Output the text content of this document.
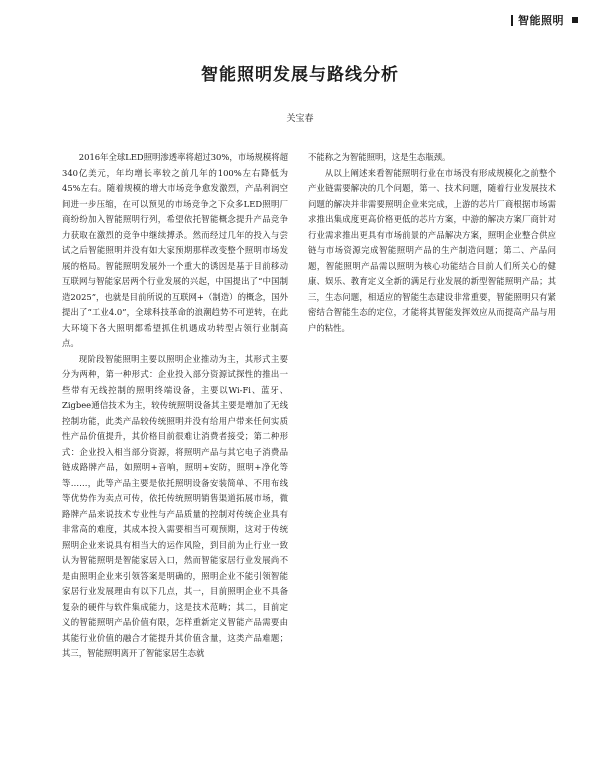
智能照明
智能照明发展与路线分析
关宝春

2016年全球LED照明渗透率将超过30%，市场规模将超340亿美元，年均增长率较之前几年的100%左右降低为45%左右。随着规模的增大市场竞争愈发激烈，产品利润空间进一步压缩，在可以预见的市场竞争之下众多LED照明厂商纷纷加入智能照明行列，希望依托智能概念提升产品竞争力获取在激烈的竞争中继续搏杀。然而经过几年的投入与尝试之后智能照明并没有如大家预期那样改变整个照明市场发展的格局。智能照明发展外一个重大的诱因是基于目前移动互联网与智能家居两个行业发展的兴起，中国提出了“中国制造2025”，也就是目前所说的互联网+（制造）的概念，国外提出了“工业4.0”，全球科技革命的浪潮趋势不可逆转，在此大环境下各大照明都希望抓住机遇成功转型占领行业制高点。

现阶段智能照明主要以照明企业推动为主，其形式主要分为两种，第一种形式：企业投入部分资源试探性的推出一些带有无线控制的照明终端设备，主要以Wi-Fi、蓝牙、Zigbee通信技术为主，较传统照明设备其主要是增加了无线控制功能，此类产品较传统照明并没有给用户带来任何实质性产品价值提升，其价格目前很难让消费者接受；第二种形式：企业投入相当部分资源，将照明产品与其它电子消费品链成路牌产品，如照明+音响，照明+安防，照明+净化等等……，此等产品主要是依托照明设备安装简单、不用布线等优势作为卖点可传，依托传统照明销售渠道拓展市场，微路牌产品来说技术专业性与产品质量的控制对传统企业具有非常高的难度，其成本投入需要相当可观预期，这对于传统照明企业来说具有相当大的运作风险，到目前为止行业一致认为智能照明是智能家居入口，然而智能家居行业发展尚不是由照明企业来引领答案是明确的，照明企业不能引领智能家居行业发展理由有以下几点，其一，目前照明企业不具备复杂的硬件与软件集成能力，这是技术范畴；其二，目前定义的智能照明产品价值有限，怎样重新定义智能产品需要由其能行业价值的融合才能提升其价值含量，这类产品难题；其三，智能照明离开了智能家居生态就

不能称之为智能照明，这是生态瓶颈。

从以上阐述来看智能照明行业在市场没有形成规模化之前整个产业链需要解决的几个问题，第一、技术问题，随着行业发展技术问题的解决并非需要照明企业来完成，上游的芯片厂商根据市场需求推出集成度更高价格更低的芯片方案，中游的解决方案厂商针对行业需求推出更具有市场前景的产品解决方案，照明企业整合供应链与市场资源完成智能照明产品的生产制造问题；第二、产品问题，智能照明产品需以照明为核心功能结合目前人们所关心的健康、娱乐、教育定义全新的满足行业发展的新型智能照明产品；其三，生态问题，相适应的智能生态建设非常重要，智能照明只有紧密结合智能生态的定位，才能将其智能发挥效应从而提高产品与用户的粘性。
